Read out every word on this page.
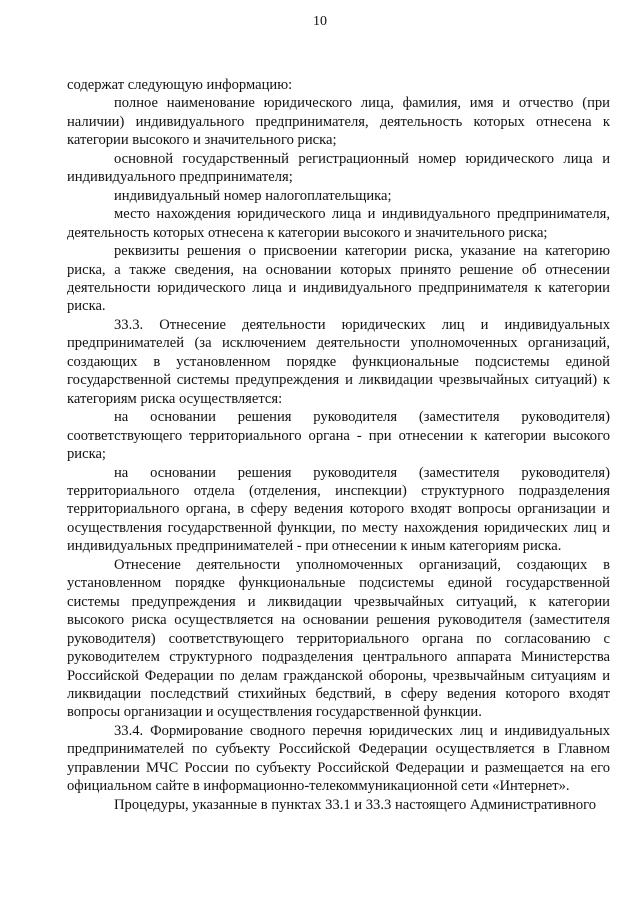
10

содержат следующую информацию:

полное наименование юридического лица, фамилия, имя и отчество (при наличии) индивидуального предпринимателя, деятельность которых отнесена к категории высокого и значительного риска;

основной государственный регистрационный номер юридического лица и индивидуального предпринимателя;

индивидуальный номер налогоплательщика;

место нахождения юридического лица и индивидуального предпринимателя, деятельность которых отнесена к категории высокого и значительного риска;

реквизиты решения о присвоении категории риска, указание на категорию риска, а также сведения, на основании которых принято решение об отнесении деятельности юридического лица и индивидуального предпринимателя к категории риска.

33.3. Отнесение деятельности юридических лиц и индивидуальных предпринимателей (за исключением деятельности уполномоченных организаций, создающих в установленном порядке функциональные подсистемы единой государственной системы предупреждения и ликвидации чрезвычайных ситуаций) к категориям риска осуществляется:

на основании решения руководителя (заместителя руководителя) соответствующего территориального органа - при отнесении к категории высокого риска;

на основании решения руководителя (заместителя руководителя) территориального отдела (отделения, инспекции) структурного подразделения территориального органа, в сферу ведения которого входят вопросы организации и осуществления государственной функции, по месту нахождения юридических лиц и индивидуальных предпринимателей - при отнесении к иным категориям риска.

Отнесение деятельности уполномоченных организаций, создающих в установленном порядке функциональные подсистемы единой государственной системы предупреждения и ликвидации чрезвычайных ситуаций, к категории высокого риска осуществляется на основании решения руководителя (заместителя руководителя) соответствующего территориального органа по согласованию с руководителем структурного подразделения центрального аппарата Министерства Российской Федерации по делам гражданской обороны, чрезвычайным ситуациям и ликвидации последствий стихийных бедствий, в сферу ведения которого входят вопросы организации и осуществления государственной функции.

33.4. Формирование сводного перечня юридических лиц и индивидуальных предпринимателей по субъекту Российской Федерации осуществляется в Главном управлении МЧС России по субъекту Российской Федерации и размещается на его официальном сайте в информационно-телекоммуникационной сети «Интернет».

Процедуры, указанные в пунктах 33.1 и 33.3 настоящего Административного
